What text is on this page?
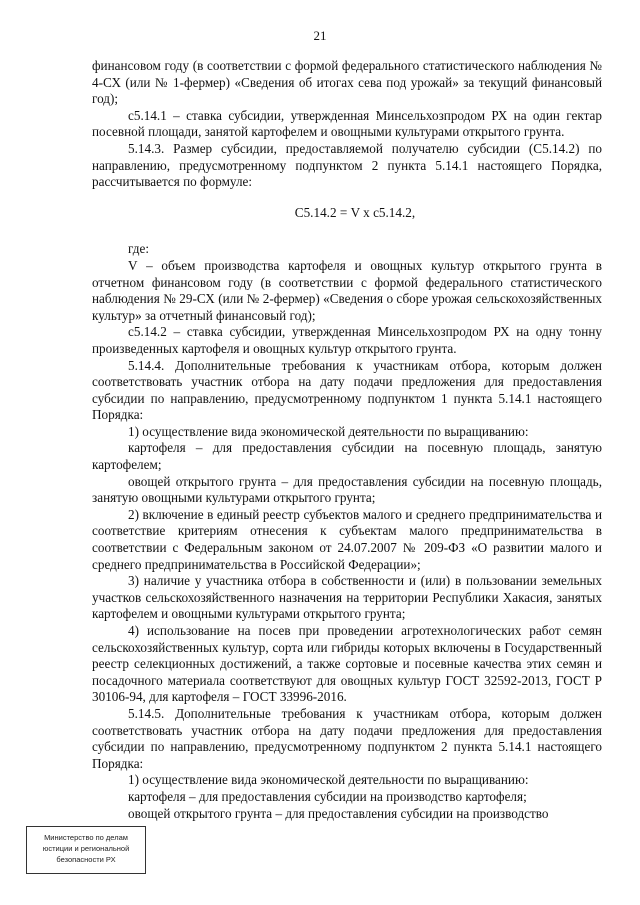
21

финансовом году (в соответствии с формой федерального статистического наблюдения № 4-СХ (или № 1-фермер) «Сведения об итогах сева под урожай» за текущий финансовый год);

с5.14.1 – ставка субсидии, утвержденная Минсельхозпродом РХ на один гектар посевной площади, занятой картофелем и овощными культурами открытого грунта.

5.14.3. Размер субсидии, предоставляемой получателю субсидии (С5.14.2) по направлению, предусмотренному подпунктом 2 пункта 5.14.1 настоящего Порядка, рассчитывается по формуле:

С5.14.2 = V х с5.14.2,

где:

V – объем производства картофеля и овощных культур открытого грунта в отчетном финансовом году (в соответствии с формой федерального статистического наблюдения № 29-СХ (или № 2-фермер) «Сведения о сборе урожая сельскохозяйственных культур» за отчетный финансовый год);

с5.14.2 – ставка субсидии, утвержденная Минсельхозпродом РХ на одну тонну произведенных картофеля и овощных культур открытого грунта.

5.14.4. Дополнительные требования к участникам отбора, которым должен соответствовать участник отбора на дату подачи предложения для предоставления субсидии по направлению, предусмотренному подпунктом 1 пункта 5.14.1 настоящего Порядка:

1) осуществление вида экономической деятельности по выращиванию:

картофеля – для предоставления субсидии на посевную площадь, занятую картофелем;

овощей открытого грунта – для предоставления субсидии на посевную площадь, занятую овощными культурами открытого грунта;

2) включение в единый реестр субъектов малого и среднего предпринимательства и соответствие критериям отнесения к субъектам малого предпринимательства в соответствии с Федеральным законом от 24.07.2007 № 209-ФЗ «О развитии малого и среднего предпринимательства в Российской Федерации»;

3) наличие у участника отбора в собственности и (или) в пользовании земельных участков сельскохозяйственного назначения на территории Республики Хакасия, занятых картофелем и овощными культурами открытого грунта;

4) использование на посев при проведении агротехнологических работ семян сельскохозяйственных культур, сорта или гибриды которых включены в Государственный реестр селекционных достижений, а также сортовые и посевные качества этих семян и посадочного материала соответствуют для овощных культур ГОСТ 32592-2013, ГОСТ Р 30106-94, для картофеля – ГОСТ 33996-2016.

5.14.5. Дополнительные требования к участникам отбора, которым должен соответствовать участник отбора на дату подачи предложения для предоставления субсидии по направлению, предусмотренному подпунктом 2 пункта 5.14.1 настоящего Порядка:

1) осуществление вида экономической деятельности по выращиванию:

картофеля – для предоставления субсидии на производство картофеля;

овощей открытого грунта – для предоставления субсидии на производство

Министерство по делам
юстиции и региональной
безопасности РХ
